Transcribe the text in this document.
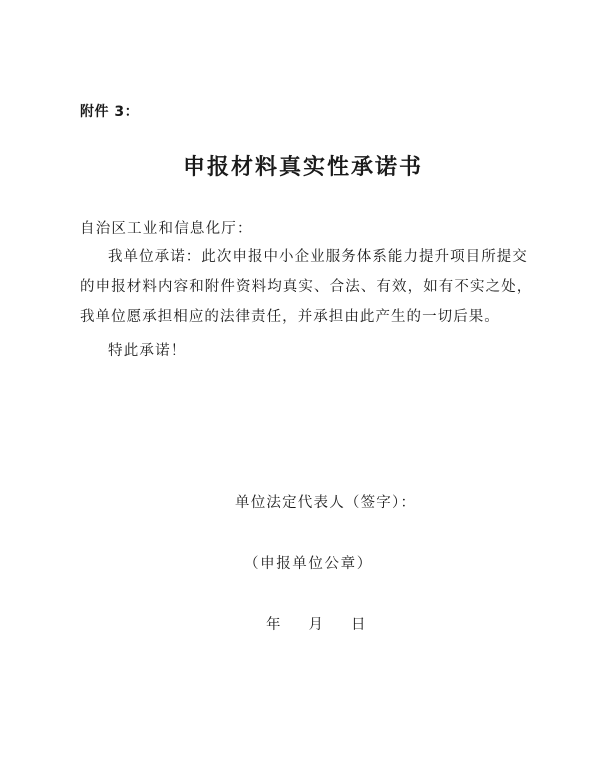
附件 3：
申报材料真实性承诺书
自治区工业和信息化厅：
我单位承诺：此次申报中小企业服务体系能力提升项目所提交
的申报材料内容和附件资料均真实、合法、有效，如有不实之处，
我单位愿承担相应的法律责任，并承担由此产生的一切后果。
特此承诺！
单位法定代表人（签字）：
（申报单位公章）
年 月 日
